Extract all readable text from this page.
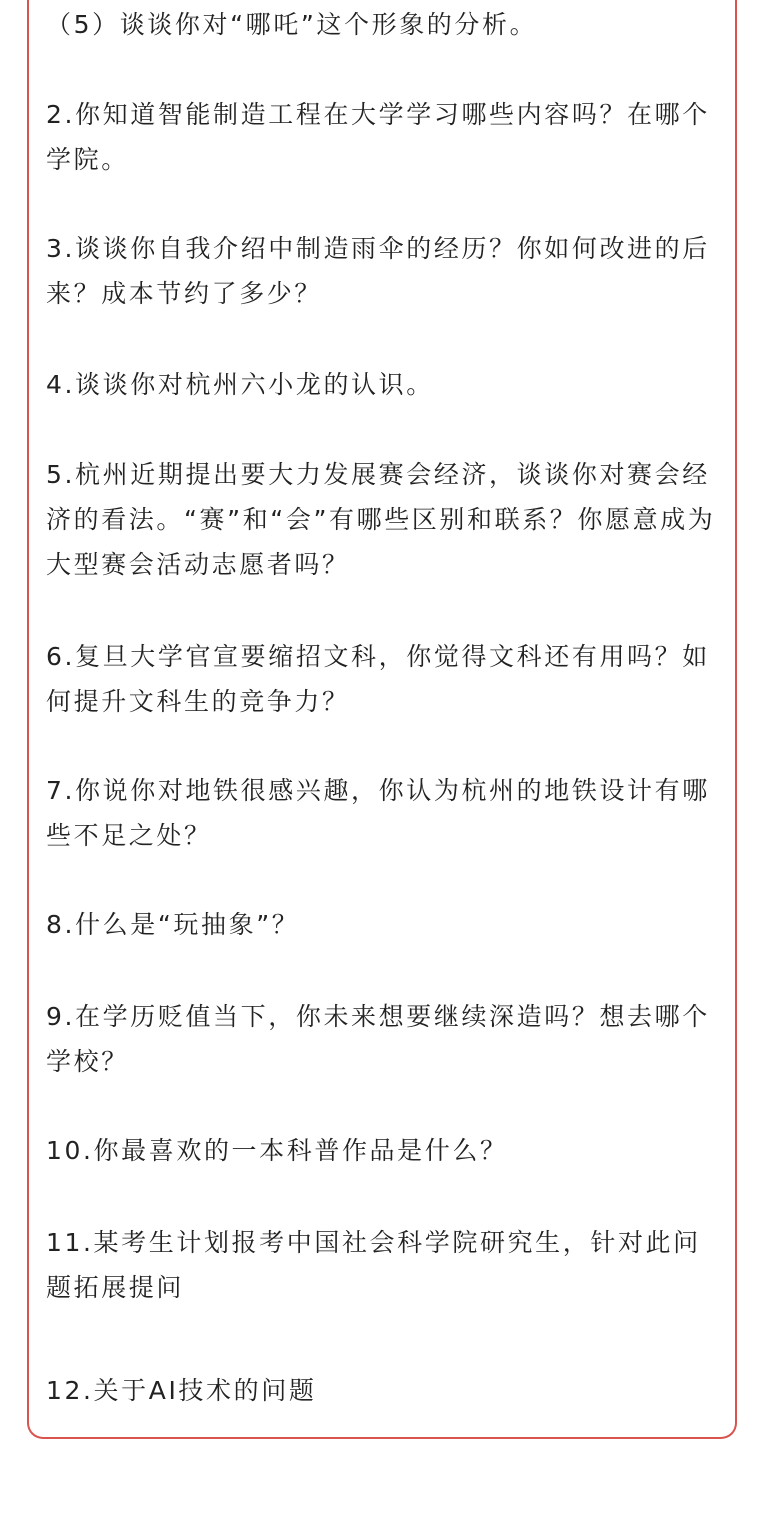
（5）谈谈你对“哪吒”这个形象的分析。
2.你知道智能制造工程在大学学习哪些内容吗？在哪个学院。
3.谈谈你自我介绍中制造雨伞的经历？你如何改进的后来？成本节约了多少？
4.谈谈你对杭州六小龙的认识。
5.杭州近期提出要大力发展赛会经济，谈谈你对赛会经济的看法。“赛”和“会”有哪些区别和联系？你愿意成为大型赛会活动志愿者吗？
6.复旦大学官宣要缩招文科，你觉得文科还有用吗？如何提升文科生的竞争力？
7.你说你对地铁很感兴趣，你认为杭州的地铁设计有哪些不足之处？
8.什么是“玩抽象”？
9.在学历贬值当下，你未来想要继续深造吗？想去哪个学校？
10.你最喜欢的一本科普作品是什么？
11.某考生计划报考中国社会科学院研究生，针对此问题拓展提问
12.关于AI技术的问题
